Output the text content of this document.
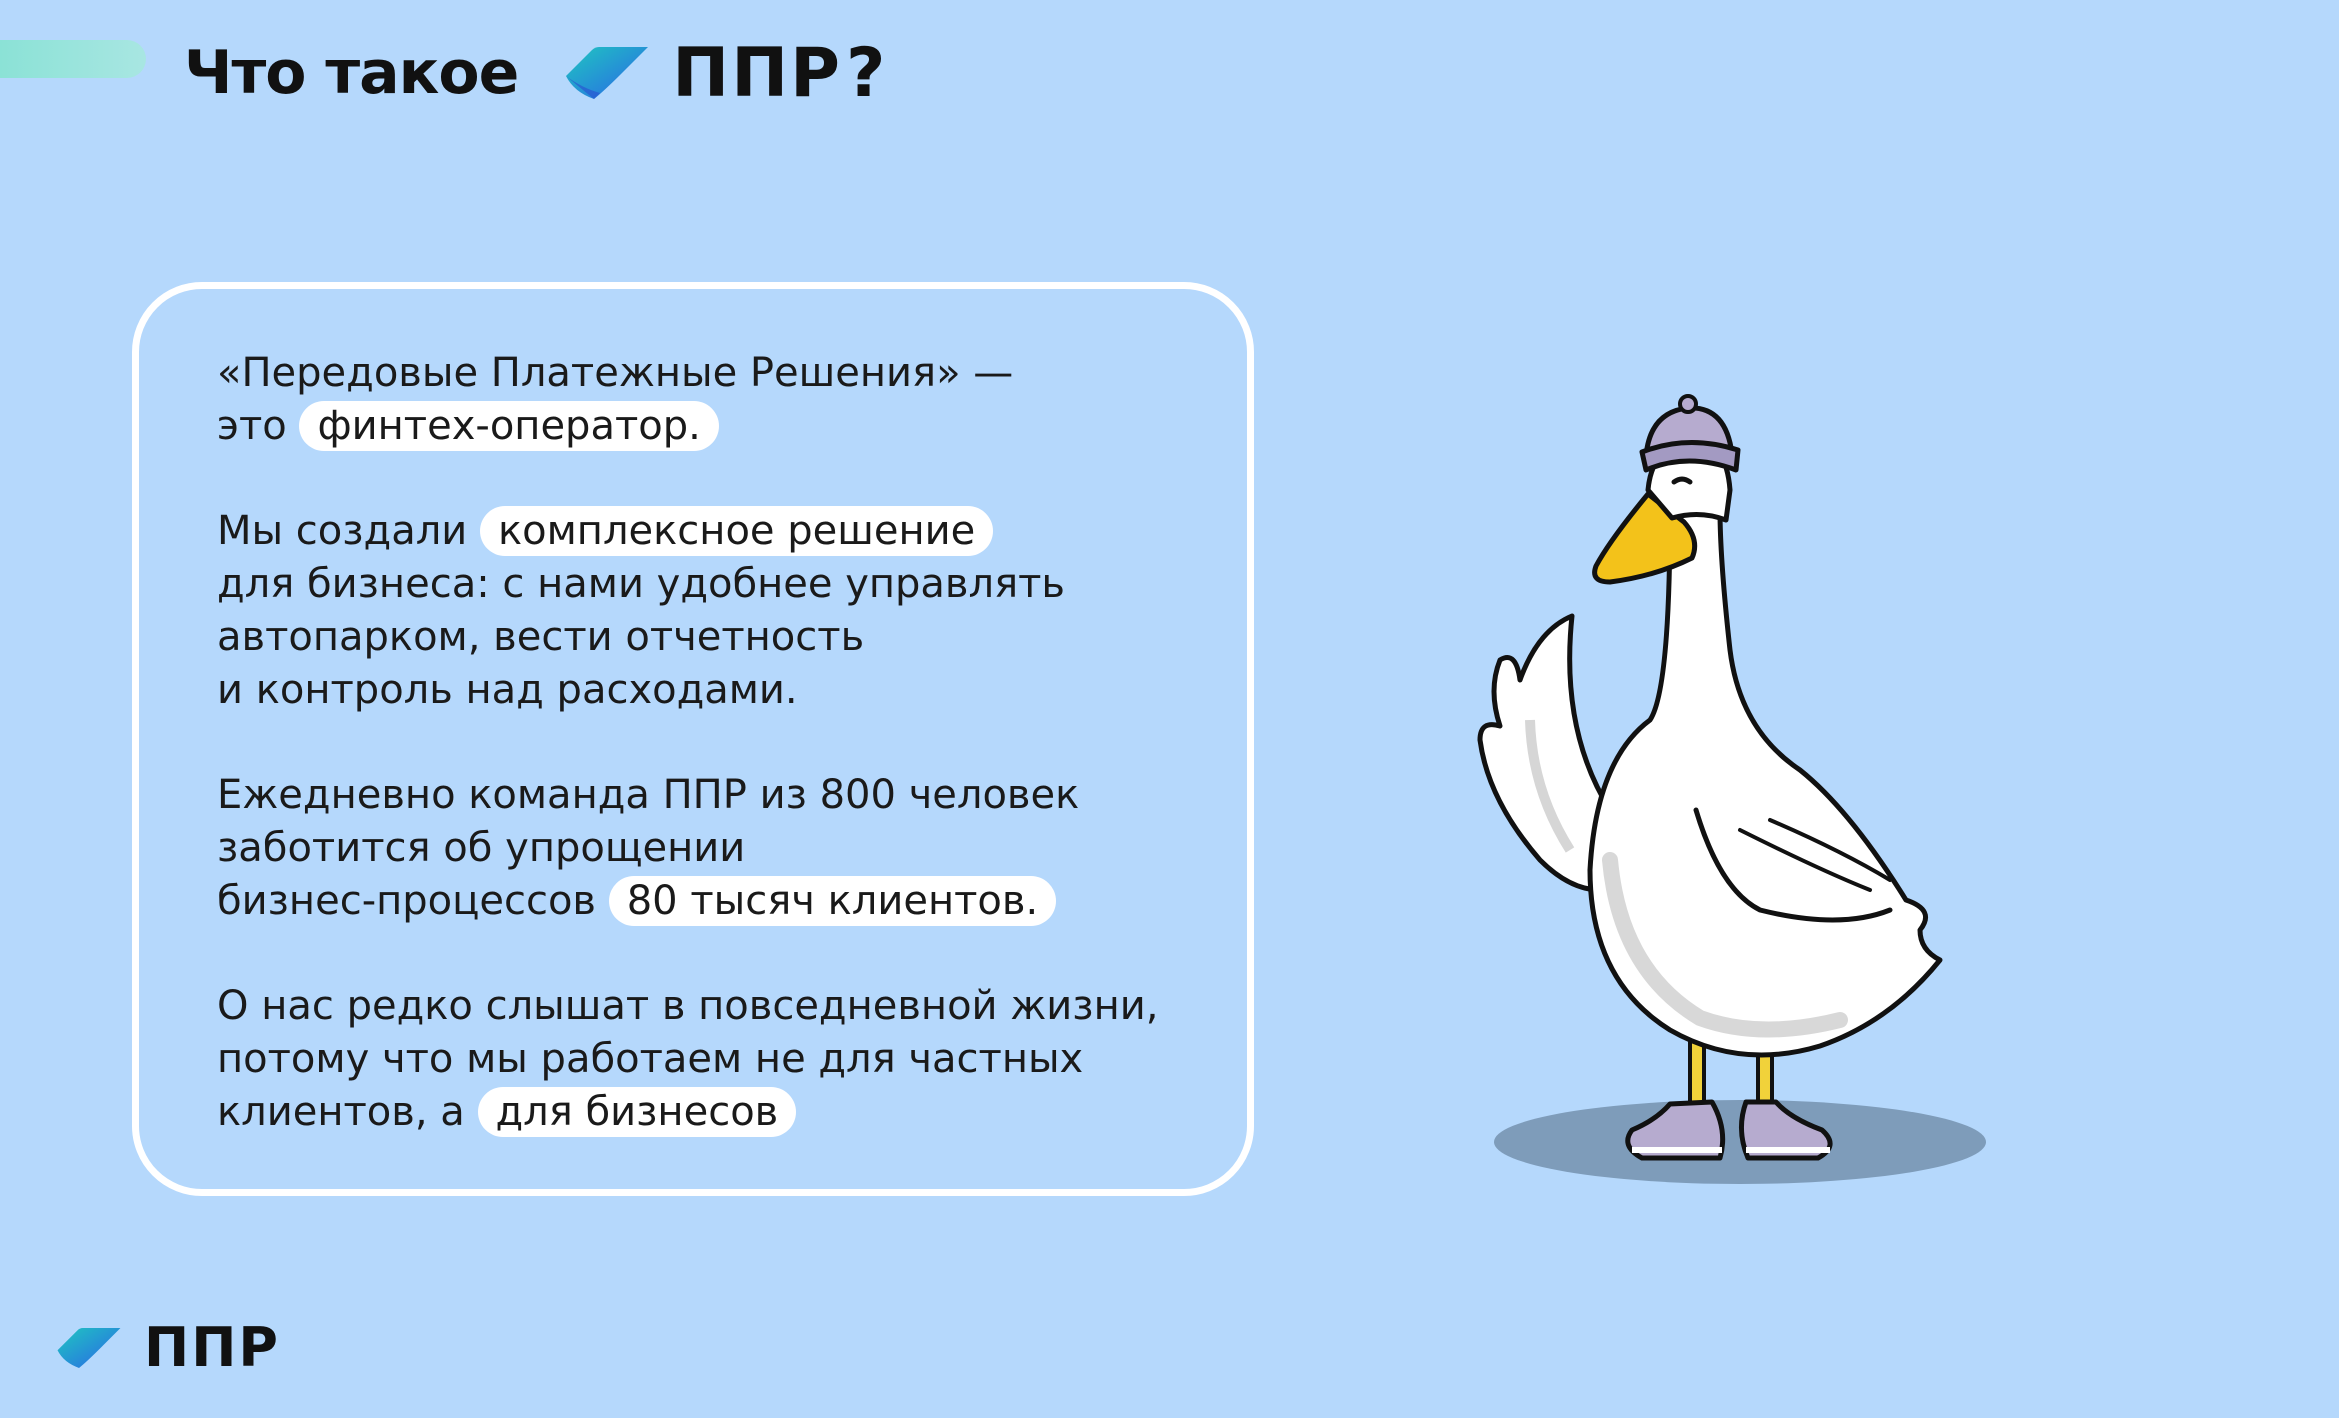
Что такое ППР ?
«Передовые Платежные Решения» —
это финтех-оператор.
Мы создали комплексное решение
для бизнеса: с нами удобнее управлять
автопарком, вести отчетность
и контроль над расходами.
Ежедневно команда ППР из 800 человек
заботится об упрощении
бизнес-процессов 80 тысяч клиентов.
О нас редко слышат в повседневной жизни,
потому что мы работаем не для частных
клиентов, а для бизнесов
ППР
